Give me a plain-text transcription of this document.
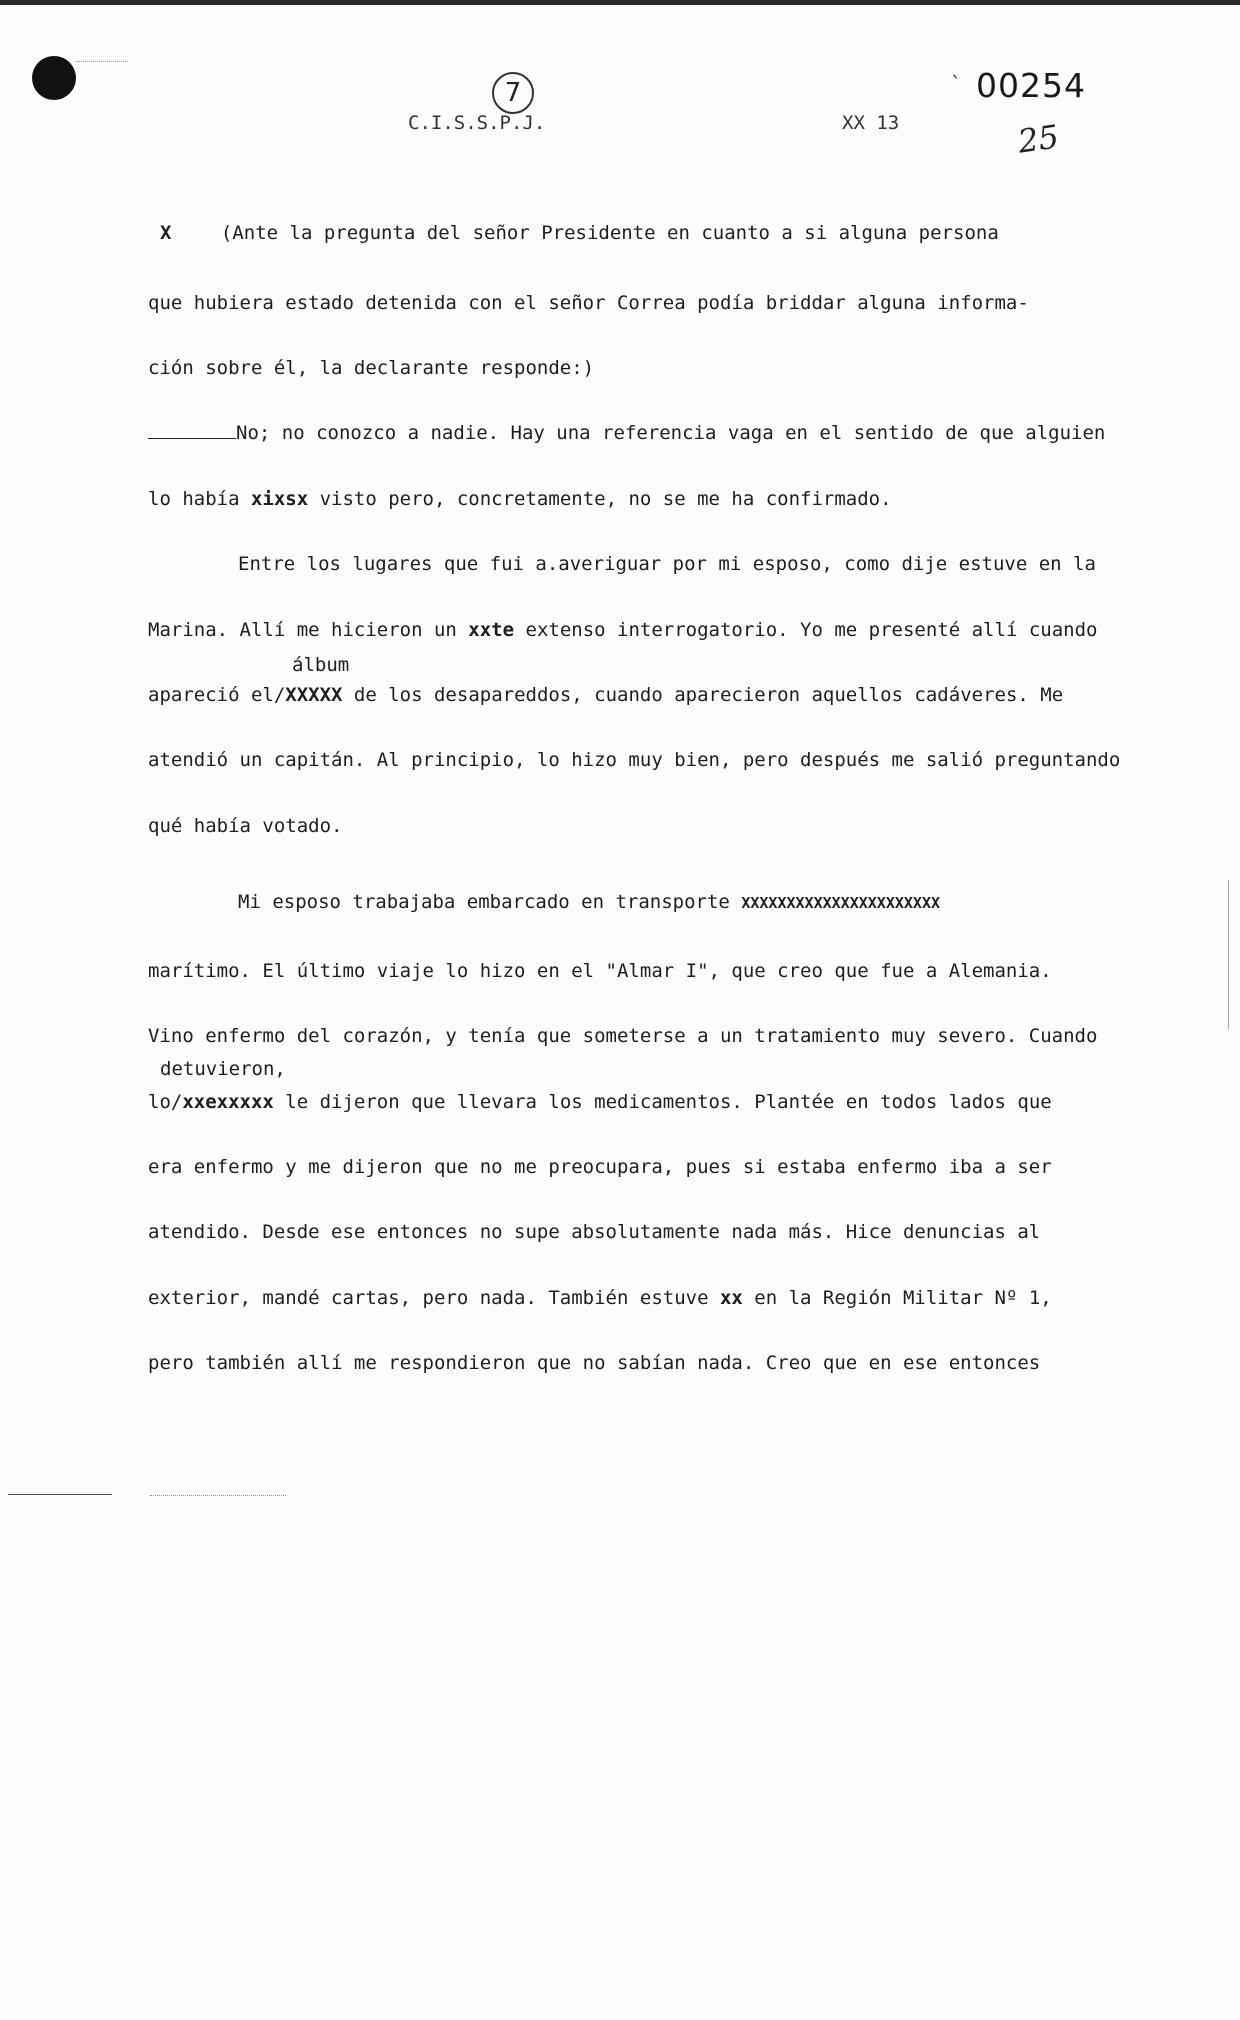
7
C.I.S.S.P.J.	XX 13
` 00254
25
X	(Ante la pregunta del señor Presidente en cuanto a si alguna persona
que hubiera estado detenida con el señor Correa podía briddar alguna informa-
ción sobre él, la declarante responde:)
No; no conozco a nadie. Hay una referencia vaga en el sentido de que alguien
lo había xixsx visto pero, concretamente, no se me ha confirmado.
Entre los lugares que fui a.averiguar por mi esposo, como dije estuve en la
Marina. Allí me hicieron un xxte extenso interrogatorio. Yo me presenté allí cuando
álbum
apareció el/XXXXX de los desapareddos, cuando aparecieron aquellos cadáveres. Me
atendió un capitán. Al principio, lo hizo muy bien, pero después me salió preguntando
qué había votado.
Mi esposo trabajaba embarcado en transporte XXXXXXXXXXXXXXXXXXXXXX
marítimo. El último viaje lo hizo en el "Almar I", que creo que fue a Alemania.
Vino enfermo del corazón, y tenía que someterse a un tratamiento muy severo. Cuando
detuvieron,
lo/xxexxxxx le dijeron que llevara los medicamentos. Plantée en todos lados que
era enfermo y me dijeron que no me preocupara, pues si estaba enfermo iba a ser
atendido. Desde ese entonces no supe absolutamente nada más. Hice denuncias al
exterior, mandé cartas, pero nada. También estuve xx en la Región Militar Nº 1,
pero también allí me respondieron que no sabían nada. Creo que en ese entonces
